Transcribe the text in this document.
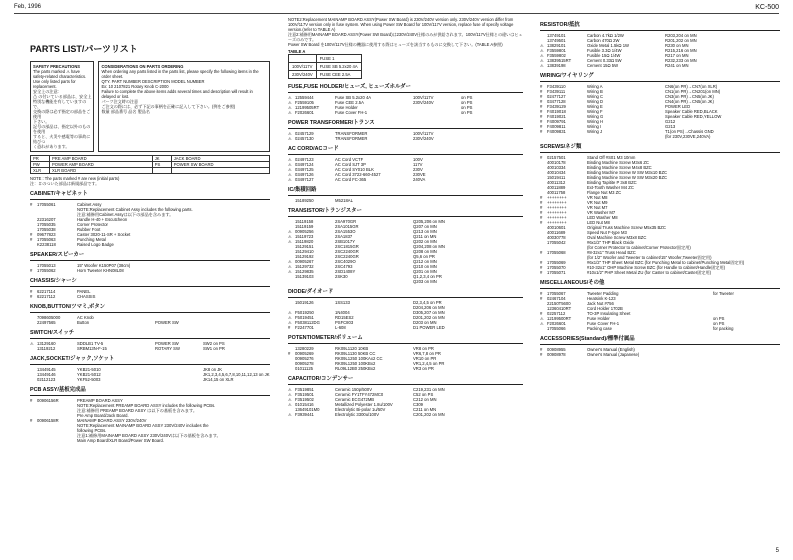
Feb, 1996	KC-500
5
PARTS LIST/パーツリスト
SAFETY PRECAUTIONS
The parts marked ⚠ have
safety-related characteristics.
Use only listed parts for
replacement.
安全上の注意:
⚠ の付いている部品は、安全上
特別な機能を有していますので、
交換の際は必ず指定の部品をご使用
下さい。
記号の部品は、指定以外のものを使用
すると、火災や感電等の事故に結びつ
く恐れがあります。
CONSIDERATIONS ON PARTS ORDERING
When ordering any parts listed in the parts list, please specify the following items in the order sheet.
QTY. PART NUMBER DESCRIPTION MODEL NUMBER
Ex: 10 2107821 Rotary Knob C-2000
Failure to complete the above items adds several times and description will result in delayed or lost.
パーツ注文時の注意
ご注文の際には、必ず下記の事柄を正確に記入して下さい。(例をご参照)
数量 部品番号 品名 製品名
PR	PRE AMP BOARD	JK	JACK BOARD
PW	POWER AMP BOARD	PS	POWER SW BOARD
XLR	XLR BOARD		
NOTE : The parts marked # are new (initial parts)
注：＃のついた部品は新規部品です。
CABINET/キャビネット
#	17055061	Cabinet Assy
NOTE:Replacement Cabinet Assy includes the following parts.
注意:補修用Cabinet Assyは以下の部品を含みます。
22316207	Handle H-40 + Escutcheon
17055035	Corner Protector
17055038	Rubber Foot
#	09677823	Caster 3020-11-SR + Socket
#	17055063	Punching Metal
K2238118	Raised Logo Badge
SPEAKER/スピーカー
17055013	15" Woofer K150P07 (38cm)
#	17055062	Horn Tweeter KHN08L08
CHASSIS/シャーシ
#	62217114	PANEL
#	62217112	CHASSIS
KNOB,BUTTON/ツマミ,ボタン
7098605000	AC Knob
22497565	Button	POWER SW
SWITCH/スイッチ
⚠ 13129160	SDDLB1 TV-5	POWER SW	SW2 on PS
13119212	SRBM13N-F-15	ROTARY SW	SW1 on PR
JACK,SOCKET/ジャック,ソケット
13449145	YKB21-5010	JK8 on JK
13449146	YKB21-5012	JK1,2,3,4,5,6,7,8,10,11,12,13 on JK
02112123	YKF52-5003	JK14,15 on XLR
PCB ASSY/基板完成品
#	00906156R	PREAMP BOARD ASSY
NOTE:Replacement PREAMP BOARD ASSY includes the following PCBs.
注意:補修用 PREAMP BOARD ASSY は以下の基板を含みます。
Pre Amp Board/Jack Board.
#	00906158R	MAINAMP BOARD ASSY 230V/240V
NOTE:Replacement MAINAMP BOARD ASSY 230V/240V includes the
following PCBs.
注意1:補修用MAINAMP BOARD ASSY 230V/240Vは以下の基板を含みます。
Main Amp Board/XLR Board/Power SW Board.
NOTE2:Replacement MAINAMP BOARD ASSY(Power SW Board) is 230V/240V version only. 230V/240V version differ from 100V/117V version only in fuse system. When using Power SW Board for 100V/117V version, replace fuse of specify voltage version.(refer to TABLE A)
注意2:補修用MAINAMP BOARD ASSY(Power SW Board)は230V/240V仕様のみが供給されます。100V/117V仕様との違いはヒューズのみです。
Power SW Board を100V/117V仕様の機器に使用する際はヒューズを該当するものに交換して下さい。(TABLE A参照)
TABLE A
	FUSE 1
100V/117V	FUSE SB 5.2x20 4A
230V/240V	FUSE CEE 2.5A
FUSE,FUSE HOLDER/ヒューズ, ヒューズホルダー
⚠ 12559444	Fuse SB 5.2x20 4A	100V/117V	on PS
⚠ F2559105	Fuse CEE 2.5A	230V/240V	on PS
⚠ 12199505RT	Fuse Holder	on PS
⚠ F2026601	Fuse Cover FH-1	on PS
POWER TRANSFORMER/トランス
⚠ 02457129	TRANSFORMER	100V/117V
⚠ 02457130	TRANSFORMER	230V/240V
AC CORD/ACコード
⚠ 02497123	AC Cord VCTF	100V
⚠ 03497124	AC Cord SJT 3P	117V
⚠ 03497125	AC Cord SY010 BLK	230V
⚠ 03497126	AC Cord 3722-660-4527	230VE
⚠ 03497127	AC Cord FC-365	240VA
IC/集積回路
15189250	M5218AL
TRANSISTOR/トランジスター
15119158	2SA970GR	Q205,206 on MN
15119159	2SA1015GR	Q207 on MN
⚠ 00905256	2SA1553O	Q213 on MN
⚠ 15119723	2SA1837	Q211 on MN
⚠ 15119820	2SB1017Y	Q202 on MN
15129151	2SC1815GR	Q204,208 on MN
15129410	2SC2240GR	Q208 on MN
15129192	2SC2240GR	Q5,6 on PR
⚠ 00905267	2SC4029O	Q212 on MN
⚠ 15129732	2SC4793	Q210 on MN
⚠ 15129835	2SD1408Y	Q201 on MN
15139103	2SK30	Q1,2,3,4 on PR
Q203 on MN
DIODE/ダイオード
15019126	1SS133	D2,3,4,5 on PR
D204,206 on MN
⚠ F5019250	1N4004	D305,207 on MN
⚠ F5019451	RD15ES2	D201,202 on MN
⚠ F5038112DG	PSFC803	D203 on MN
#	F2247701	L-608	D1 POWER LED
POTENTIOMETER/ボリューム
13280229	RK09L1120 10KB	VR8 on PR
#	00905269	RK09L1130 50KB CC	VR6,7,8 on PR
00905276	RK09L1250 100KAx2 CC	VR10 on PR
00905278	RK09L1250 100KBx2	VR1,2,4,5 on PR
01011125	RL09L12B0 250KBx2	VR3 on PR
CAPACITOR/コンデンサー
⚠ F3519851	Ceramic 150p/500V	C219,231 on MN
⚠ F3519501	Ceramic FY1TFY472MC0	C52 on PS
⚠ F3519502	Ceramic ECG472MB	C212 on MN
⚠ 01015416	Metallized Polyester 1.8u/100V	C309
13649101M0	Electrolytic Bi-polar 1u/50V	C211 on MN
⚠ F3939441	Electrolytic 3300u/100V	C201,202 on MN
RESISTOR/抵抗
13749101	Carbon 4.7kΩ 1/2W	R203,204 on MN
13749501	Carbon 470Ω 2W	R201,202 on MN
⚠ 13829101	Oxide Metal 1.5kΩ 1W	R230 on MN
⚠ F3559801	Fusible 3.3Ω 1/4W	R215,216 on MN
⚠ F3559802	Fusible 15Ω 1/4W	R217 on MN
⚠ 13839515RT	Cement 0.33Ω 5W	R232,233 on MN
⚠ 13839198	Cement 15Ω 5W	R241 on MN
WIRING/ワイヤリング
#	F3439110	Wiring A	CN6(on PR)→CN7(on XLR)
#	F3439111	Wiring B	CN1(on PR)→CN201(on MN)
#	02477127	Wiring C	CN3(on PR)→CN5(on JK)
#	03477128	Wiring D	CN4(on PR)→CN5(on JK)
#	F3439129	Wiring E	POWER LED
#	F4019018	Wiring F	Speaker Cable RED,BLACK
#	F4019021	Wiring G	Speaker Cable RED,YELLOW
#	F4009791	Wiring H	G212
#	F4009811	Wiring I	G213
#	F4009831	Wiring J	T1(on PS)→Chassis GND
(for 230V,230VE,240VA)
SCREWS/ネジ類
#	02157501	Stand Off #S01 M3 10mm
40010178	Binding Machine Screw M3x6 ZC
40010334	Binding Machine Screw M4x8 BZC
40010434	Binding Machine Screw W SW M3x10 BZC
15019411	Binding Machine Screw W SW M3x20 BZC
40011312	Binding Tapitite P 3x8 BZC
40011889	Ext-Tooth Washer M4 ZC
40011758	Flange Nut M3 ZC
#	++++++++	VR Nut M8
#	++++++++	VR Nut M9
#	++++++++	VR Nut M7
#	++++++++	VR Washer M7
#	++++++++	LED Washer M8
#	++++++++	LED Nut M8
40010601	Original Truss Machine Screw M5x35 BZC
40011689	Speed Nut F-type M3
40030778	Oval Machine Screw M3x8 BZC
17055042	#6x1/2" THP Black Oxide
(for Corner Protector to cabinet/Corner Protector固定用)
#	17055068	#8-32x1" Truss Head BZC
(for 1/2" Woofer and Tweeter to cabinet/15" Woofer,Tweeter固定用)
#	17055069	#6x1/2" THP Sheet Metal BZC (for Punching Metal to cabinet/Punching Metal固定用)
#	17055070	#10-32x1" OHP Machine Screw BZC (for Handle to cabinet/Handle固定用)
#	17055071	#10x1/2" PHP Sheet Metal ZU (for Caster to cabinet/Caster固定用)
MISCELLANEOUS/その他
#	17055067	Tweeter Padding	for Tweeter
#	02467104	Heatsink K-123
22150T5600	Jack Nut #756
12360410RT	Cord Holder 1702B
#	02257112	TO-3P Insulating Sheet
⚠ 12199500RT	Fuse Holder	on PS
⚠ F2026601	Fuse Cover FH-1	on PS
17055066	Packing case	for packing
ACCESSORIES(Standard)/標準付属品
#	00908955	Owner's Manual (English)
#	00908978	Owner's Manual (Japanese)
